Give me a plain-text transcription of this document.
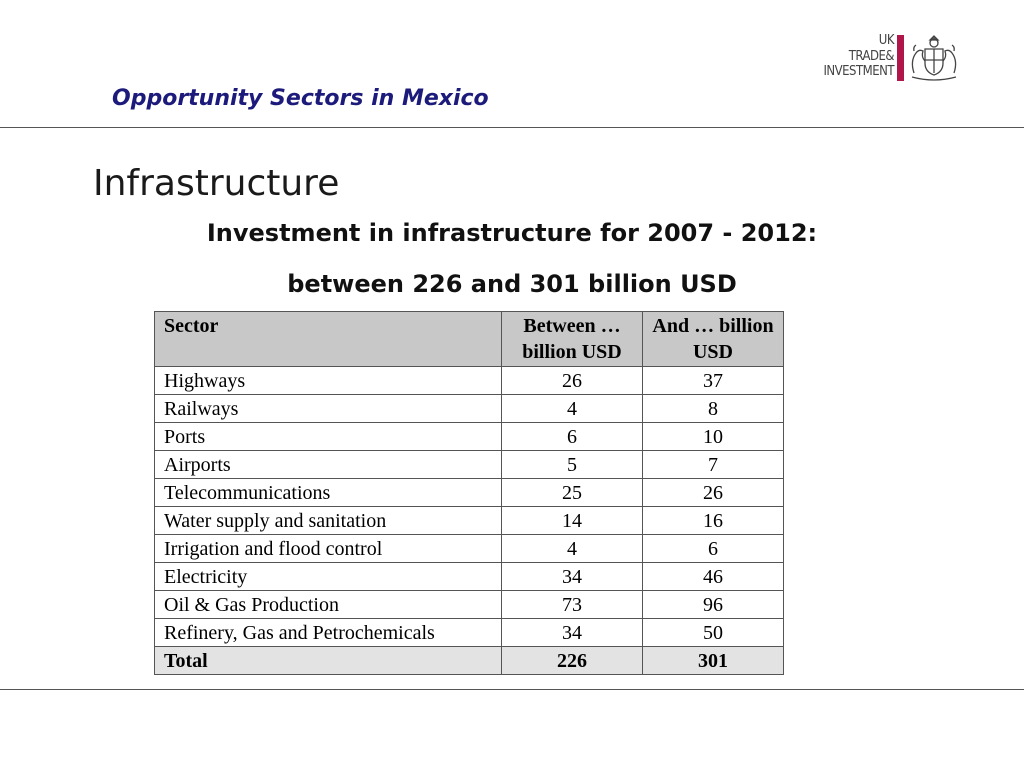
Opportunity Sectors in Mexico
UK
TRADE&
INVESTMENT
Infrastructure
Investment in infrastructure for 2007 - 2012:
between 226 and 301 billion USD
Sector	Between … billion USD	And … billion USD
Highways	26	37
Railways	4	8
Ports	6	10
Airports	5	7
Telecommunications	25	26
Water supply and sanitation	14	16
Irrigation and flood control	4	6
Electricity	34	46
Oil & Gas Production	73	96
Refinery, Gas and Petrochemicals	34	50
Total	226	301
